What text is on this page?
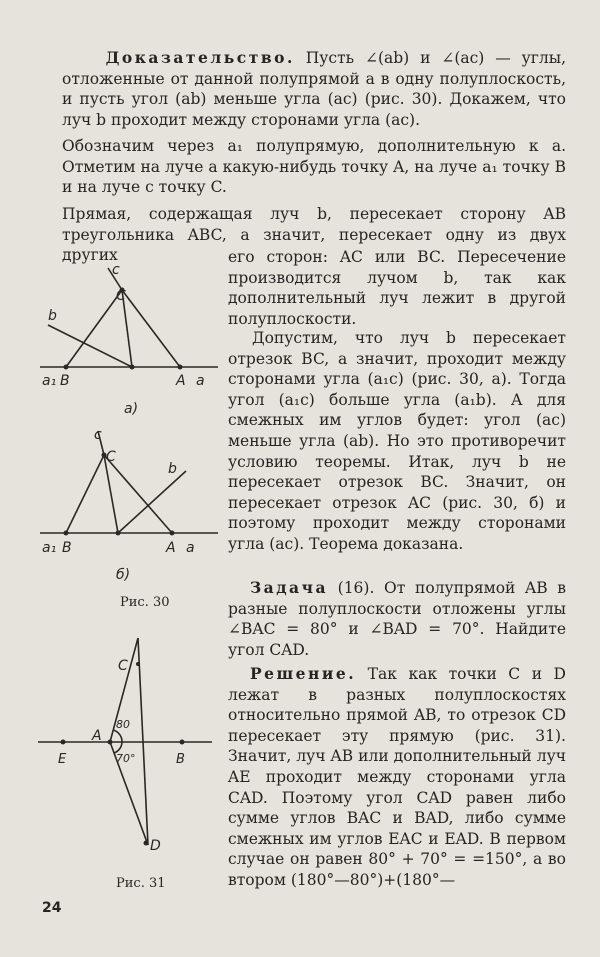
Доказательство. Пусть ∠(ab) и ∠(ac) — углы, отложенные от данной полупрямой a в одну полуплоскость, и пусть угол (ab) меньше угла (ac) (рис. 30). Докажем, что луч b проходит между сторонами угла (ac).

Обозначим через a₁ полупрямую, дополнительную к a. Отметим на луче a какую-нибудь точку A, на луче a₁ точку B и на луче c точку C.

Прямая, содержащая луч b, пересекает сторону AB треугольника ABC, а значит, пересекает одну из двух других	его сторон: AC или BC. Пересечение производится лучом b, так как дополнительный луч лежит в другой полуплоскости.

Допустим, что луч b пересекает отрезок BC, а значит, проходит между сторонами угла (a₁c) (рис. 30, а). Тогда угол (a₁c) больше угла (a₁b). А для смежных им углов будет: угол (ac) меньше угла (ab). Но это противоречит условию теоремы. Итак, луч b не пересекает отрезок BC. Значит, он пересекает отрезок AC (рис. 30, б) и поэтому проходит между сторонами угла (ac). Теорема доказана.

Задача (16). От полупрямой AB в разные полуплоскости отложены углы ∠BAC = 80° и ∠BAD = 70°. Найдите угол CAD.

Решение. Так как точки C и D лежат в разных полуплоскостях относительно прямой AB, то отрезок CD пересекает эту прямую (рис. 31). Значит, луч AB или дополнительный луч AE проходит между сторонами угла CAD. Поэтому угол CAD равен либо сумме углов BAC и BAD, либо сумме смежных им углов EAC и EAD. В первом случае он равен 80° + 70° = =150°, а во втором (180°—80°)+(180°—

c
C
b
a₁ B	A a
а)
c
C
b
a₁ B	A a
б)
Рис. 30
C
A
E	B
D
80
70°
Рис. 31
24
